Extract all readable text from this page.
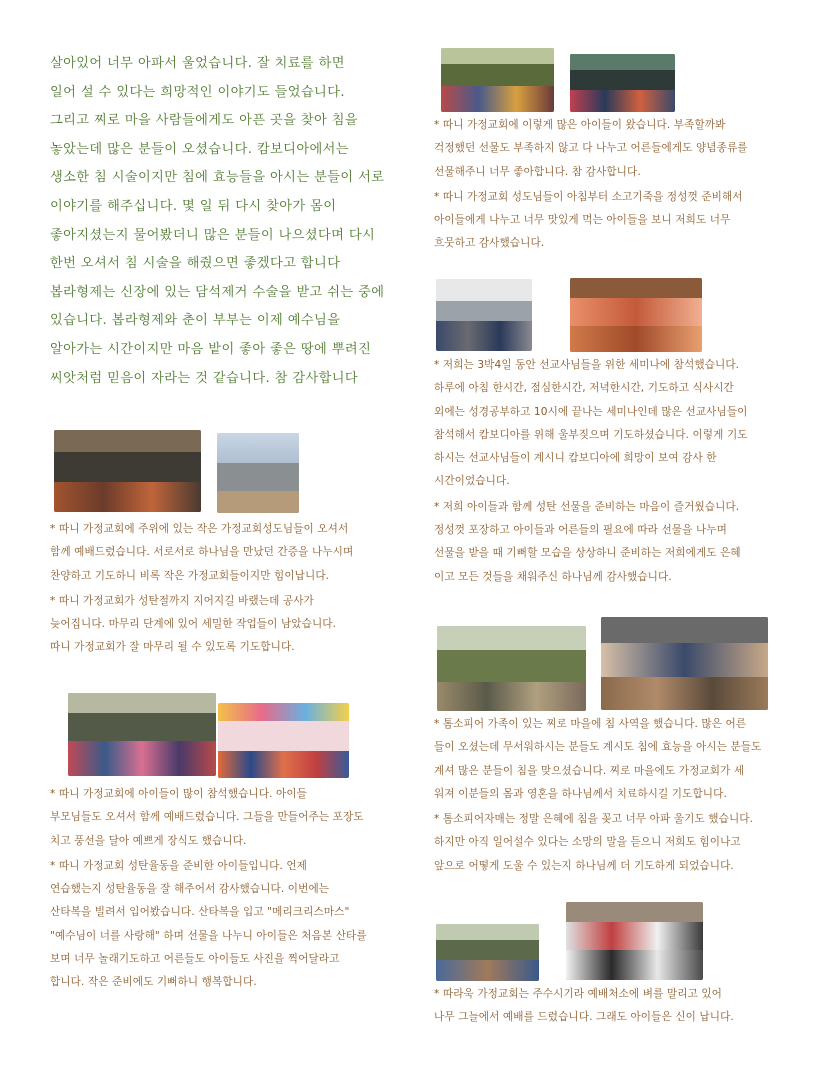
살아있어 너무 아파서 울었습니다. 잘 치료를 하면
일어 설 수 있다는 희망적인 이야기도 들었습니다.
그리고 찌로 마을 사람들에게도 아픈 곳을 찾아 침을
놓았는데 많은 분들이 오셨습니다. 캄보디아에서는
생소한 침 시술이지만 침에 효능들을 아시는 분들이 서로
이야기를 해주십니다. 몇 일 뒤 다시 찾아가 몸이
좋아지셨는지 물어봤더니 많은 분들이 나으셨다며 다시
한번 오셔서 침 시술을 해줬으면 좋겠다고 합니다
봅라형제는 신장에 있는 담석제거 수술을 받고 쉬는 중에
있습니다. 봅라형제와 춘이 부부는 이제 예수님을
알아가는 시간이지만 마음 밭이 좋아 좋은 땅에 뿌려진
씨앗처럼 믿음이 자라는 것 같습니다. 참 감사합니다

* 따니 가정교회에 주위에 있는 작은 가정교회성도님들이 오셔서
함께 예배드렸습니다. 서로서로 하나님을 만났던 간증을 나누시며
찬양하고 기도하니 비록 작은 가정교회들이지만 힘이납니다.

* 따니 가정교회가 성탄절까지 지어지길 바랬는데 공사가
늦어집니다. 마무리 단계에 있어 세밀한 작업들이 남았습니다.
따니 가정교회가 잘 마무리 될 수 있도록 기도합니다.

* 따니 가정교회에 아이들이 많이 참석했습니다. 아이들
부모님들도 오셔서 함께 예배드렸습니다. 그들을 만들어주는 포장도
치고 풍선을 달아 예쁘게 장식도 했습니다.

* 따니 가정교회 성탄율동을 준비한 아이들입니다. 언제
연습했는지 성탄율동을 잘 해주어서 감사했습니다. 이번에는
산타복을 빌려서 입어봤습니다. 산타복을 입고 "메리크리스마스"
"예수님이 너를 사랑해" 하며 선물을 나누니 아이들은 처음본 산타를
보며 너무 놀래기도하고 어른들도 아이들도 사진을 찍어달라고
합니다. 작은 준비에도 기뻐하니 행복합니다.

* 따니 가정교회에 이렇게 많은 아이들이 왔습니다. 부족할까봐
걱정했던 선물도 부족하지 않고 다 나누고 어른들에게도 양념종류를
선물해주니 너무 좋아합니다. 참 감사합니다.

* 따니 가정교회 성도님들이 아침부터 소고기죽을 정성껏 준비해서
아이들에게 나누고 너무 맛있게 먹는 아이들을 보니 저희도 너무
흐뭇하고 감사했습니다.

* 저희는 3박4일 동안 선교사님들을 위한 세미나에 참석했습니다.
하루에 아침 한시간, 점심한시간, 저녁한시간, 기도하고 식사시간
외에는 성경공부하고 10시에 끝나는 세미나인데 많은 선교사님들이
참석해서 캄보디아를 위해 울부짖으며 기도하셨습니다. 이렇게 기도
하시는 선교사님들이 계시니 캄보디아에 희망이 보여 감사 한
시간이었습니다.

* 저희 아이들과 함께 성탄 선물을 준비하는 마음이 즐거웠습니다.
정성껏 포장하고 아이들과 어른들의 필요에 따라 선물을 나누며
선물을 받을 때 기뻐할 모습을 상상하니 준비하는 저희에게도 은혜
이고 모든 것들을 채워주신 하나님께 감사했습니다.

* 톰소피어 가족이 있는 찌로 마을에 침 사역을 했습니다. 많은 어른
들이 오셨는데 무서워하시는 분들도 계시도 침에 효능을 아시는 분들도
계셔 많은 분들이 침을 맞으셨습니다. 찌로 마을에도 가정교회가 세
워져 이분들의 몸과 영혼을 하나님께서 치료하시길 기도합니다.

* 톰소피어자매는 정말 은혜에 침을 꽂고 너무 아파 울기도 했습니다.
하지만 아직 일어설수 있다는 소망의 말을 듣으니 저희도 힘이나고
앞으로 어떻게 도울 수 있는지 하나님께 더 기도하게 되었습니다.

* 따라욱 가정교회는 주수시기라 예배처소에 벼를 말리고 있어
나무 그늘에서 예배를 드렸습니다. 그래도 아이들은 신이 납니다.
